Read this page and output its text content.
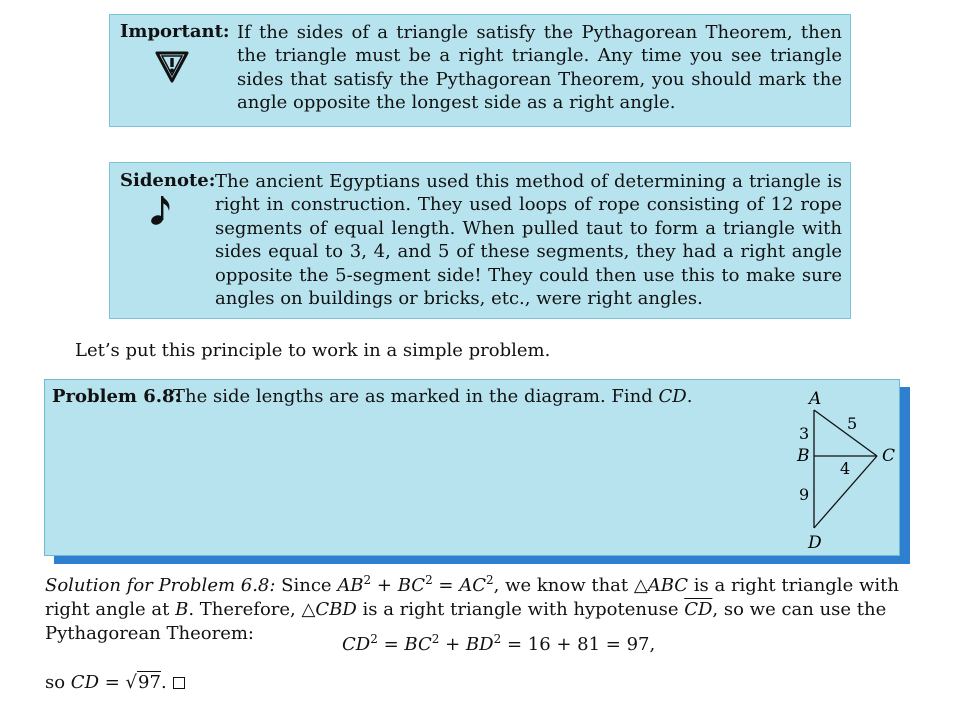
Important: If the sides of a triangle satisfy the Pythagorean Theorem, then the triangle must be a right triangle. Any time you see triangle sides that satisfy the Pythagorean Theorem, you should mark the angle opposite the longest side as a right angle.

Sidenote: The ancient Egyptians used this method of determining a triangle is right in construction. They used loops of rope consisting of 12 rope segments of equal length. When pulled taut to form a triangle with sides equal to 3, 4, and 5 of these segments, they had a right angle opposite the 5-segment side! They could then use this to make sure angles on buildings or bricks, etc., were right angles.

Let’s put this principle to work in a simple problem.
Problem 6.8:
The side lengths are as marked in the diagram. Find CD.	A
B	C
D
3
5
4
9

Solution for Problem 6.8: Since $AB^2 + BC^2 = AC^2$, we know that △ABC is a right triangle with right angle at B. Therefore, △CBD is a right triangle with hypotenuse $\overline{CD}$, so we can use the Pythagorean Theorem:

$CD^2 = BC^2 + BD^2 = 16 + 81 = 97$,
so CD = √97.
